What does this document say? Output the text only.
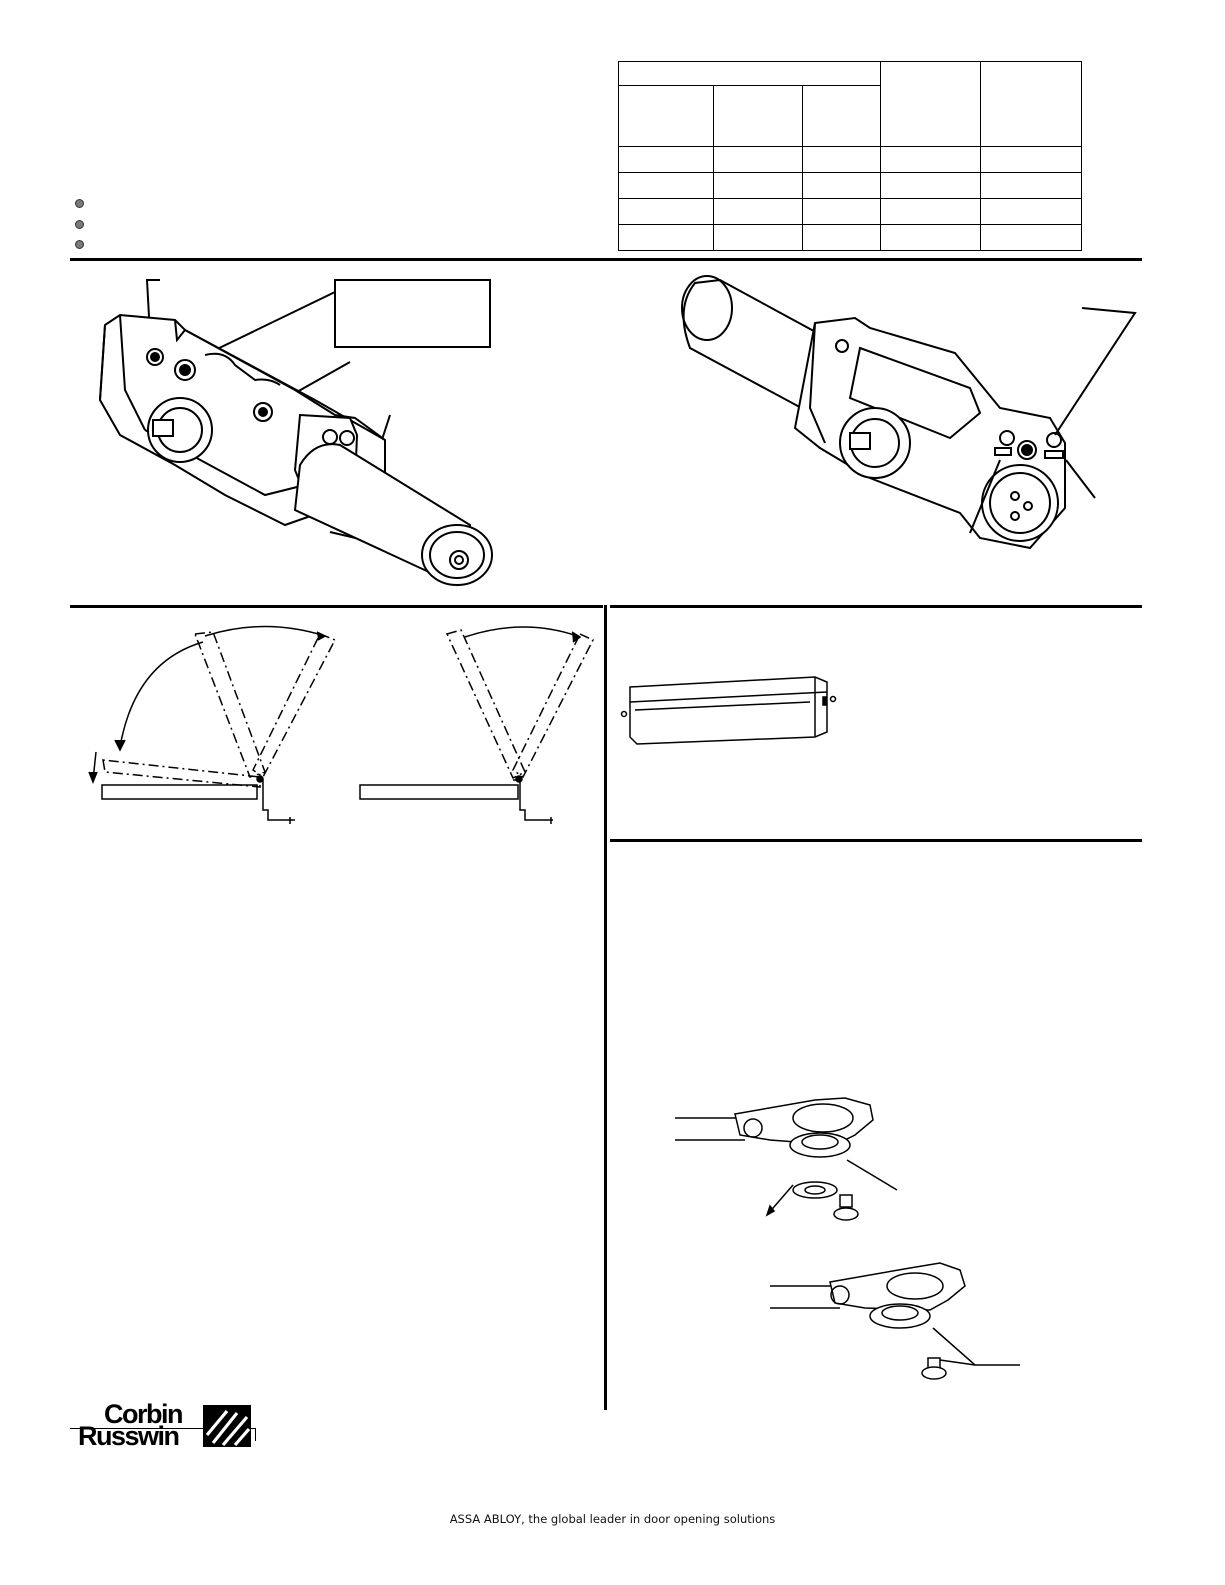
Corbin
Russwin
ASSA ABLOY, the global leader in door opening solutions
